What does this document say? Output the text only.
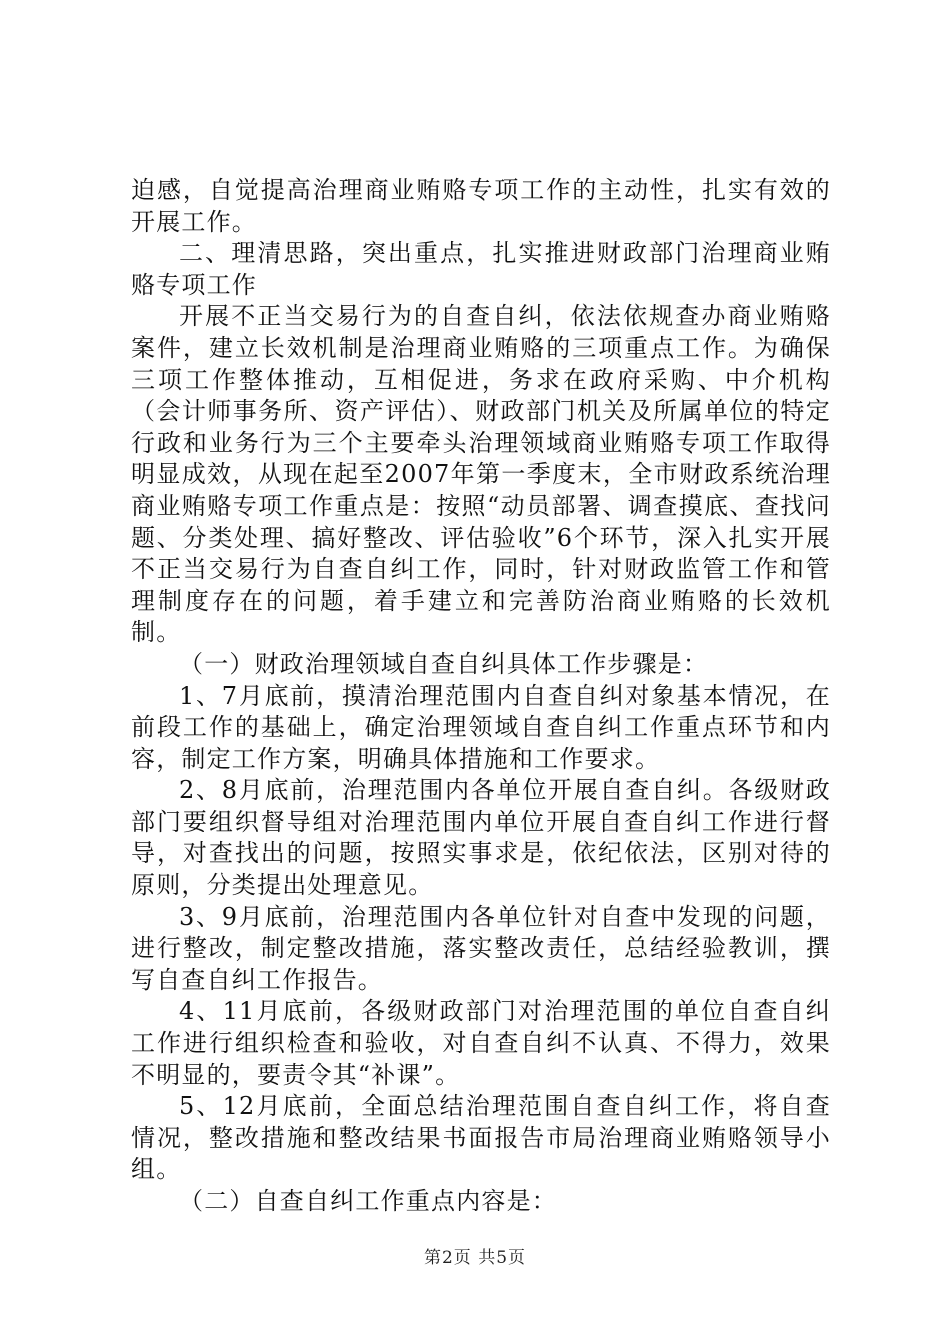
迫感，自觉提高治理商业贿赂专项工作的主动性，扎实有效的开展工作。

二、理清思路，突出重点，扎实推进财政部门治理商业贿赂专项工作

开展不正当交易行为的自查自纠，依法依规查办商业贿赂案件，建立长效机制是治理商业贿赂的三项重点工作。为确保三项工作整体推动，互相促进，务求在政府采购、中介机构（会计师事务所、资产评估）、财政部门机关及所属单位的特定行政和业务行为三个主要牵头治理领域商业贿赂专项工作取得明显成效，从现在起至2007年第一季度末，全市财政系统治理商业贿赂专项工作重点是：按照“动员部署、调查摸底、查找问题、分类处理、搞好整改、评估验收”6个环节，深入扎实开展不正当交易行为自查自纠工作，同时，针对财政监管工作和管理制度存在的问题，着手建立和完善防治商业贿赂的长效机制。

（一）财政治理领域自查自纠具体工作步骤是：

1、7月底前，摸清治理范围内自查自纠对象基本情况，在前段工作的基础上，确定治理领域自查自纠工作重点环节和内容，制定工作方案，明确具体措施和工作要求。

2、8月底前，治理范围内各单位开展自查自纠。各级财政部门要组织督导组对治理范围内单位开展自查自纠工作进行督导，对查找出的问题，按照实事求是，依纪依法，区别对待的原则，分类提出处理意见。

3、9月底前，治理范围内各单位针对自查中发现的问题，进行整改，制定整改措施，落实整改责任，总结经验教训，撰写自查自纠工作报告。

4、11月底前，各级财政部门对治理范围的单位自查自纠工作进行组织检查和验收，对自查自纠不认真、不得力，效果不明显的，要责令其“补课”。

5、12月底前，全面总结治理范围自查自纠工作，将自查情况，整改措施和整改结果书面报告市局治理商业贿赂领导小组。

（二）自查自纠工作重点内容是：

第2页 共5页
